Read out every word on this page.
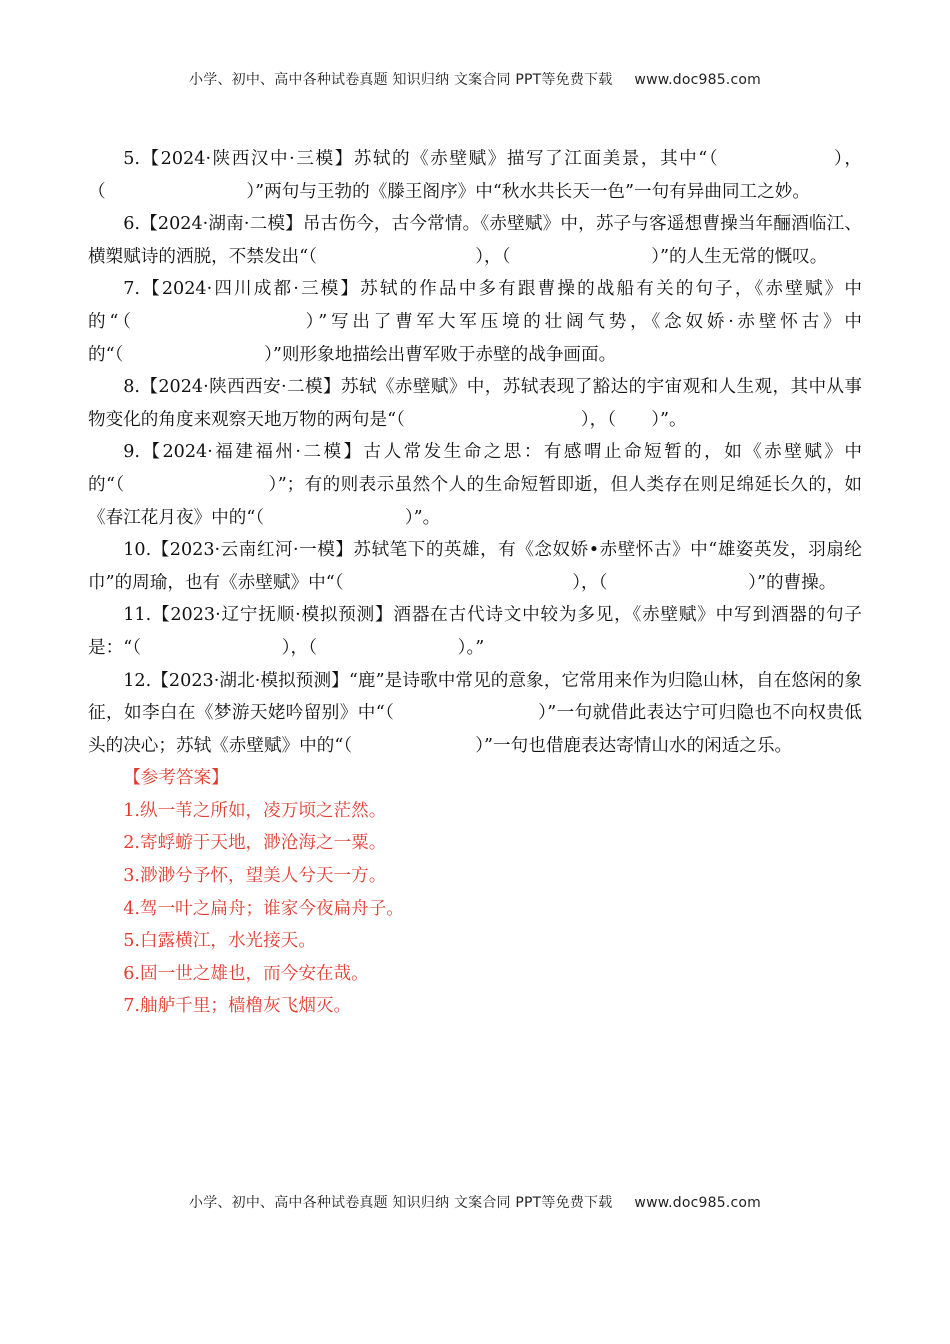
小学、初中、高中各种试卷真题 知识归纳 文案合同 PPT等免费下载 www.doc985.com

5.【2024·陕西汉中·三模】苏轼的《赤壁赋》描写了江面美景，其中“（　　　　　　），（　　　　　　　　）”两句与王勃的《滕王阁序》中“秋水共长天一色”一句有异曲同工之妙。

6.【2024·湖南·二模】吊古伤今，古今常情。《赤壁赋》中，苏子与客遥想曹操当年酾酒临江、横槊赋诗的洒脱，不禁发出“（　　　　　　　　　），（　　　　　　　　）”的人生无常的慨叹。

7.【2024·四川成都·三模】苏轼的作品中多有跟曹操的战船有关的句子，《赤壁赋》中的“（　　　　　　　　）”写出了曹军大军压境的壮阔气势，《念奴娇·赤壁怀古》中的“（　　　　　　　　）”则形象地描绘出曹军败于赤壁的战争画面。

8.【2024·陕西西安·二模】苏轼《赤壁赋》中，苏轼表现了豁达的宇宙观和人生观，其中从事物变化的角度来观察天地万物的两句是“（　　　　　　　　　　），（　　）”。

9.【2024·福建福州·二模】古人常发生命之思：有感喟止命短暂的，如《赤壁赋》中的“（　　　　　　　　）”；有的则表示虽然个人的生命短暂即逝，但人类存在则足绵延长久的，如《春江花月夜》中的“（　　　　　　　　）”。

10.【2023·云南红河·一模】苏轼笔下的英雄，有《念奴娇•赤壁怀古》中“雄姿英发，羽扇纶巾”的周瑜，也有《赤壁赋》中“（　　　　　　　　　　　　　），（　　　　　　　　）”的曹操。

11.【2023·辽宁抚顺·模拟预测】酒器在古代诗文中较为多见，《赤壁赋》中写到酒器的句子是：“（　　　　　　　　），（　　　　　　　　）。”

12.【2023·湖北·模拟预测】“鹿”是诗歌中常见的意象，它常用来作为归隐山林，自在悠闲的象征，如李白在《梦游天姥吟留别》中“（　　　　　　　　）”一句就借此表达宁可归隐也不向权贵低头的决心；苏轼《赤壁赋》中的“（　　　　　　　）”一句也借鹿表达寄情山水的闲适之乐。

【参考答案】

1.纵一苇之所如，凌万顷之茫然。

2.寄蜉蝣于天地，渺沧海之一粟。

3.渺渺兮予怀，望美人兮天一方。

4.驾一叶之扁舟；谁家今夜扁舟子。

5.白露横江，水光接天。

6.固一世之雄也，而今安在哉。

7.舳舻千里；樯橹灰飞烟灭。

小学、初中、高中各种试卷真题 知识归纳 文案合同 PPT等免费下载 www.doc985.com
